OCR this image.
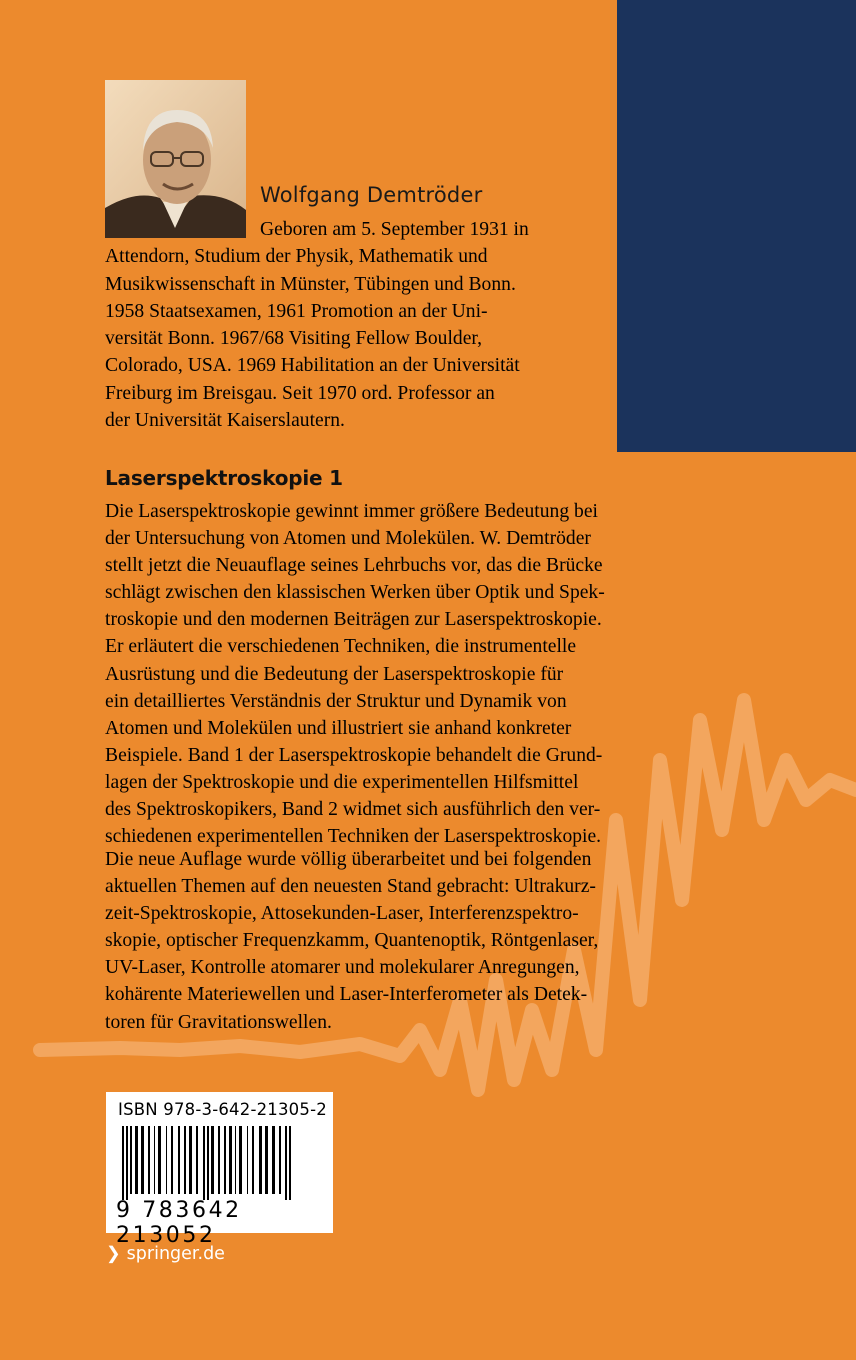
Wolfgang Demtröder
Geboren am 5. September 1931 in
Attendorn, Studium der Physik, Mathematik und
Musikwissenschaft in Münster, Tübingen und Bonn.
1958 Staatsexamen, 1961 Promotion an der Uni-
versität Bonn. 1967/68 Visiting Fellow Boulder,
Colorado, USA. 1969 Habilitation an der Universität
Freiburg im Breisgau. Seit 1970 ord. Professor an
der Universität Kaiserslautern.
Laserspektroskopie 1
Die Laserspektroskopie gewinnt immer größere Bedeutung bei
der Untersuchung von Atomen und Molekülen. W. Demtröder
stellt jetzt die Neuauflage seines Lehrbuchs vor, das die Brücke
schlägt zwischen den klassischen Werken über Optik und Spek-
troskopie und den modernen Beiträgen zur Laserspektroskopie.
Er erläutert die verschiedenen Techniken, die instrumentelle
Ausrüstung und die Bedeutung der Laserspektroskopie für
ein detailliertes Verständnis der Struktur und Dynamik von
Atomen und Molekülen und illustriert sie anhand konkreter
Beispiele. Band 1 der Laserspektroskopie behandelt die Grund-
lagen der Spektroskopie und die experimentellen Hilfsmittel
des Spektroskopikers, Band 2 widmet sich ausführlich den ver-
schiedenen experimentellen Techniken der Laserspektroskopie.
Die neue Auflage wurde völlig überarbeitet und bei folgenden
aktuellen Themen auf den neuesten Stand gebracht: Ultrakurz-
zeit-Spektroskopie, Attosekunden-Laser, Interferenzspektro-
skopie, optischer Frequenzkamm, Quantenoptik, Röntgenlaser,
UV-Laser, Kontrolle atomarer und molekularer Anregungen,
kohärente Materiewellen und Laser-Interferometer als Detek-
toren für Gravitationswellen.
ISBN 978-3-642-21305-2
9 783642 213052
❯ springer.de
